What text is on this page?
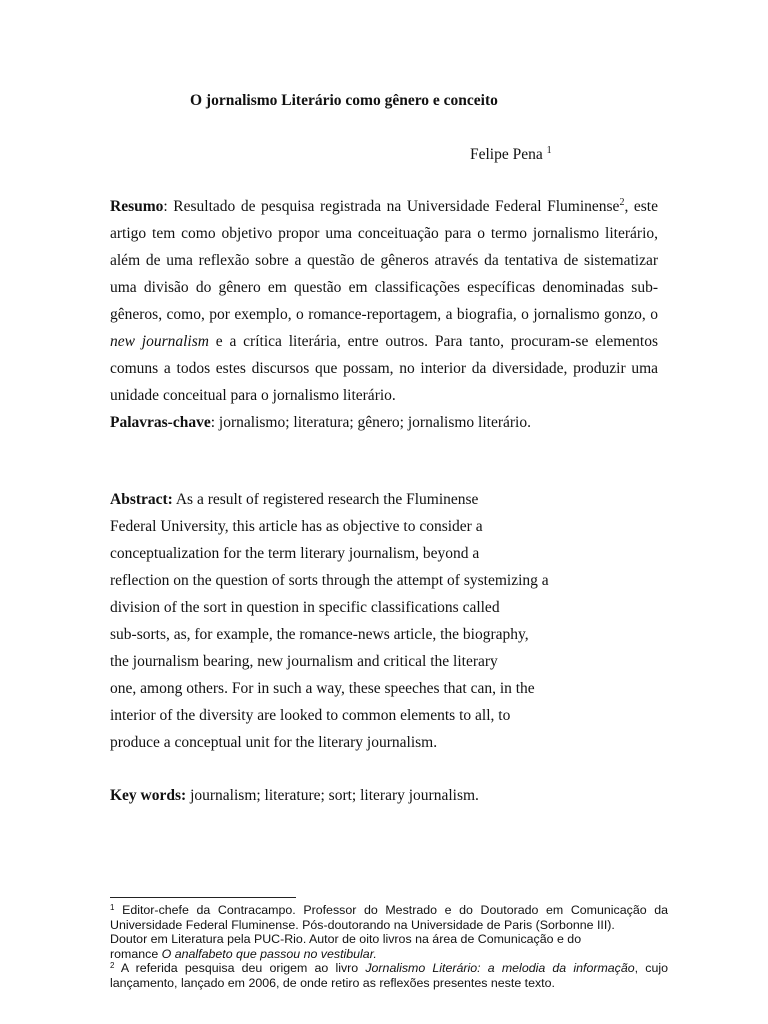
O jornalismo Literário como gênero e conceito
Felipe Pena $^1$
Resumo: Resultado de pesquisa registrada na Universidade Federal Fluminense$^2$, este
artigo tem como objetivo propor uma conceituação para o termo jornalismo literário,
além de uma reflexão sobre a questão de gêneros através da tentativa de sistematizar
uma divisão do gênero em questão em classificações específicas denominadas sub-
gêneros, como, por exemplo, o romance-reportagem, a biografia, o jornalismo gonzo, o
new journalism e a crítica literária, entre outros. Para tanto, procuram-se elementos
comuns a todos estes discursos que possam, no interior da diversidade, produzir uma
unidade conceitual para o jornalismo literário.
Palavras-chave: jornalismo; literatura; gênero; jornalismo literário.
Abstract: As a result of registered research the Fluminense
Federal University, this article has as objective to consider a
conceptualization for the term literary journalism, beyond a
reflection on the question of sorts through the attempt of systemizing a
division of the sort in question in specific classifications called
sub-sorts, as, for example, the romance-news article, the biography,
the journalism bearing, new journalism and critical the literary
one, among others. For in such a way, these speeches that can, in the
interior of the diversity are looked to common elements to all, to
produce a conceptual unit for the literary journalism.
Key words: journalism; literature; sort; literary journalism.
$^1$ Editor-chefe da Contracampo. Professor do Mestrado e do Doutorado em Comunicação da
Universidade Federal Fluminense. Pós-doutorando na Universidade de Paris (Sorbonne III).
Doutor em Literatura pela PUC-Rio. Autor de oito livros na área de Comunicação e do
romance O analfabeto que passou no vestibular.
$^2$ A referida pesquisa deu origem ao livro Jornalismo Literário: a melodia da informação, cujo
lançamento, lançado em 2006, de onde retiro as reflexões presentes neste texto.
